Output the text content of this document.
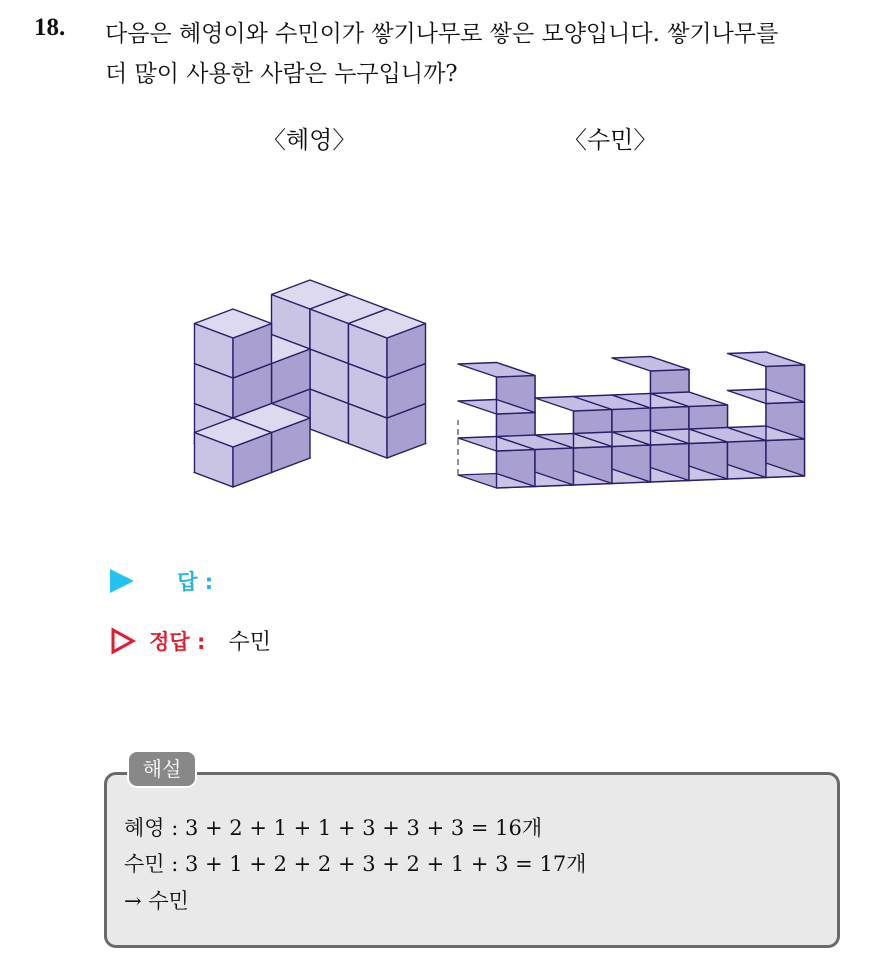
18. 다음은 혜영이와 수민이가 쌓기나무로 쌓은 모양입니다. 쌓기나무를
더 많이 사용한 사람은 누구입니까?
〈혜영〉	〈수민〉
답 :
정답 : 수민
해설
혜영 : 3 + 2 + 1 + 1 + 3 + 3 + 3 = 16개
수민 : 3 + 1 + 2 + 2 + 3 + 2 + 1 + 3 = 17개
→ 수민
